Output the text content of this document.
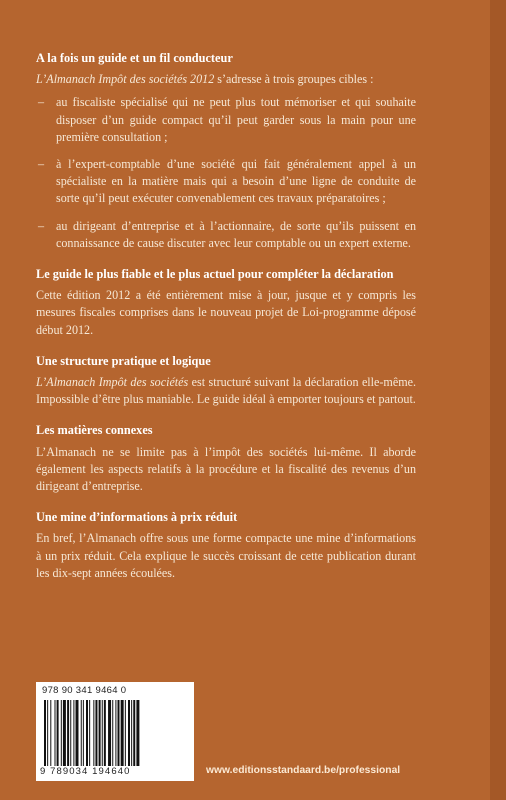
A la fois un guide et un fil conducteur

L’Almanach Impôt des sociétés 2012 s’adresse à trois groupes cibles :

– au fiscaliste spécialisé qui ne peut plus tout mémoriser et qui souhaite disposer d’un guide compact qu’il peut garder sous la main pour une première consultation ;
– à l’expert-comptable d’une société qui fait généralement appel à un spécialiste en la matière mais qui a besoin d’une ligne de conduite de sorte qu’il peut exécuter convenablement ces travaux préparatoires ;
– au dirigeant d’entreprise et à l’actionnaire, de sorte qu’ils puissent en connaissance de cause discuter avec leur comptable ou un expert externe.
Le guide le plus fiable et le plus actuel pour compléter la déclaration

Cette édition 2012 a été entièrement mise à jour, jusque et y compris les mesures fiscales comprises dans le nouveau projet de Loi-programme déposé début 2012.

Une structure pratique et logique

L’Almanach Impôt des sociétés est structuré suivant la déclaration elle-même. Impossible d’être plus maniable. Le guide idéal à emporter toujours et partout.

Les matières connexes

L’Almanach ne se limite pas à l’impôt des sociétés lui-même. Il aborde également les aspects relatifs à la procédure et la fiscalité des revenus d’un dirigeant d’entreprise.

Une mine d’informations à prix réduit

En bref, l’Almanach offre sous une forme compacte une mine d’informations à un prix réduit. Cela explique le succès croissant de cette publication durant les dix-sept années écoulées.

978 90 341 9464 0
9 789034 194640	www.editionsstandaard.be/professional
